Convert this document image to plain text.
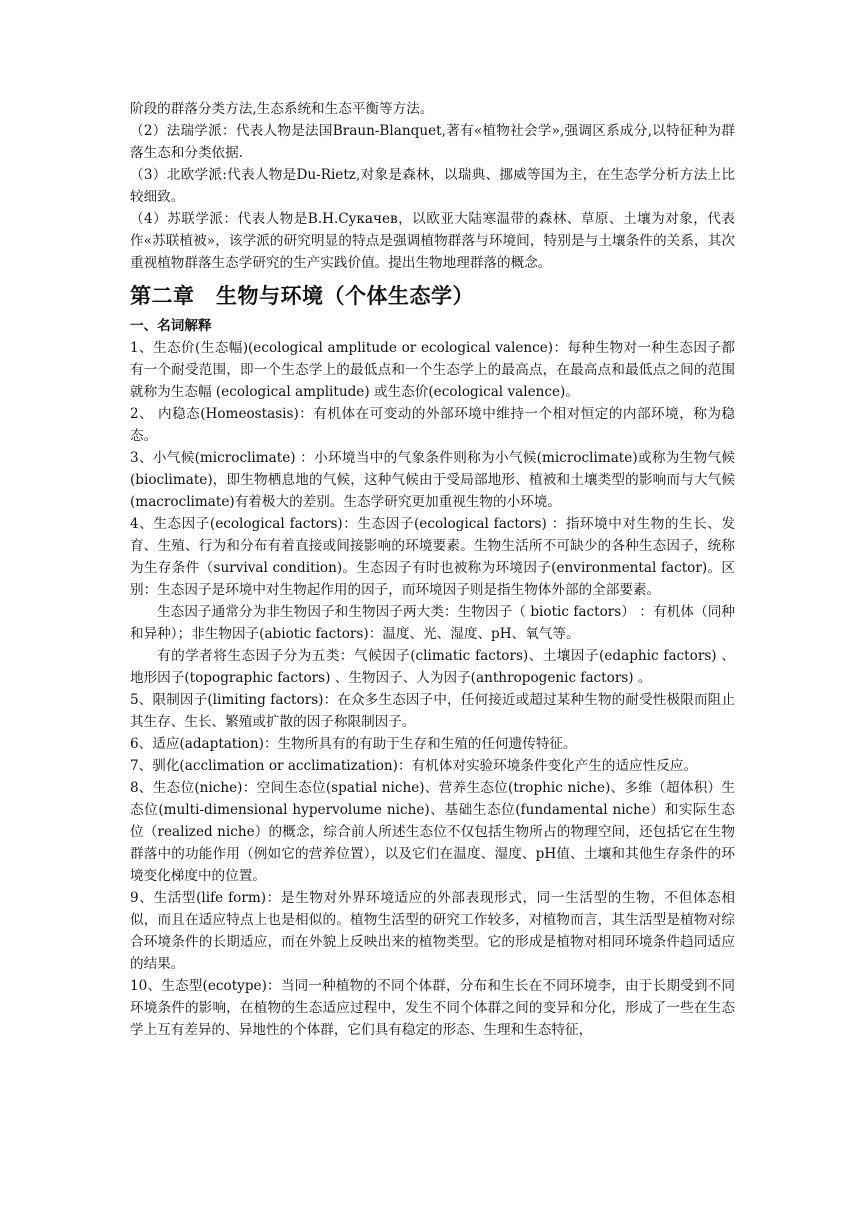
阶段的群落分类方法,生态系统和生态平衡等方法。

（2）法瑞学派：代表人物是法国Braun-Blanquet,著有«植物社会学»,强调区系成分,以特征种为群落生态和分类依据.

（3）北欧学派:代表人物是Du-Rietz,对象是森林，以瑞典、挪威等国为主，在生态学分析方法上比较细致。

（4）苏联学派：代表人物是B.H.Cyкачев，以欧亚大陆寒温带的森林、草原、土壤为对象，代表作«苏联植被»，该学派的研究明显的特点是强调植物群落与环境间，特别是与土壤条件的关系，其次重视植物群落生态学研究的生产实践价值。提出生物地理群落的概念。

第二章　生物与环境（个体生态学）
一、名词解释

1、生态价(生态幅)(ecological amplitude or ecological valence)：每种生物对一种生态因子都有一个耐受范围，即一个生态学上的最低点和一个生态学上的最高点，在最高点和最低点之间的范围就称为生态幅 (ecological amplitude) 或生态价(ecological valence)。

2、 内稳态(Homeostasis)：有机体在可变动的外部环境中维持一个相对恒定的内部环境，称为稳态。

3、小气候(microclimate) ：小环境当中的气象条件则称为小气候(microclimate)或称为生物气候(bioclimate)，即生物栖息地的气候，这种气候由于受局部地形、植被和土壤类型的影响而与大气候(macroclimate)有着极大的差别。生态学研究更加重视生物的小环境。

4、生态因子(ecological factors)：生态因子(ecological factors) ：指环境中对生物的生长、发育、生殖、行为和分布有着直接或间接影响的环境要素。生物生活所不可缺少的各种生态因子，统称为生存条件（survival condition)。生态因子有时也被称为环境因子(environmental factor)。区别：生态因子是环境中对生物起作用的因子，而环境因子则是指生物体外部的全部要素。

生态因子通常分为非生物因子和生物因子两大类：生物因子（ biotic factors） ：有机体（同种和异种）；非生物因子(abiotic factors)：温度、光、湿度、pH、氧气等。

有的学者将生态因子分为五类：气候因子(climatic factors)、土壤因子(edaphic factors) 、地形因子(topographic factors) 、生物因子、人为因子(anthropogenic factors) 。

5、限制因子(limiting factors)：在众多生态因子中，任何接近或超过某种生物的耐受性极限而阻止其生存、生长、繁殖或扩散的因子称限制因子。

6、适应(adaptation)：生物所具有的有助于生存和生殖的任何遗传特征。

7、驯化(acclimation or acclimatization)：有机体对实验环境条件变化产生的适应性反应。

8、生态位(niche)：空间生态位(spatial niche)、营养生态位(trophic niche)、多维（超体积）生态位(multi-dimensional hypervolume niche)、基础生态位(fundamental niche）和实际生态位（realized niche）的概念，综合前人所述生态位不仅包括生物所占的物理空间，还包括它在生物群落中的功能作用（例如它的营养位置），以及它们在温度、湿度、pH值、土壤和其他生存条件的环境变化梯度中的位置。

9、生活型(life form)：是生物对外界环境适应的外部表现形式，同一生活型的生物，不但体态相似，而且在适应特点上也是相似的。植物生活型的研究工作较多，对植物而言，其生活型是植物对综合环境条件的长期适应，而在外貌上反映出来的植物类型。它的形成是植物对相同环境条件趋同适应的结果。

10、生态型(ecotype)：当同一种植物的不同个体群，分布和生长在不同环境李，由于长期受到不同环境条件的影响，在植物的生态适应过程中，发生不同个体群之间的变异和分化，形成了一些在生态学上互有差异的、异地性的个体群，它们具有稳定的形态、生理和生态特征，
